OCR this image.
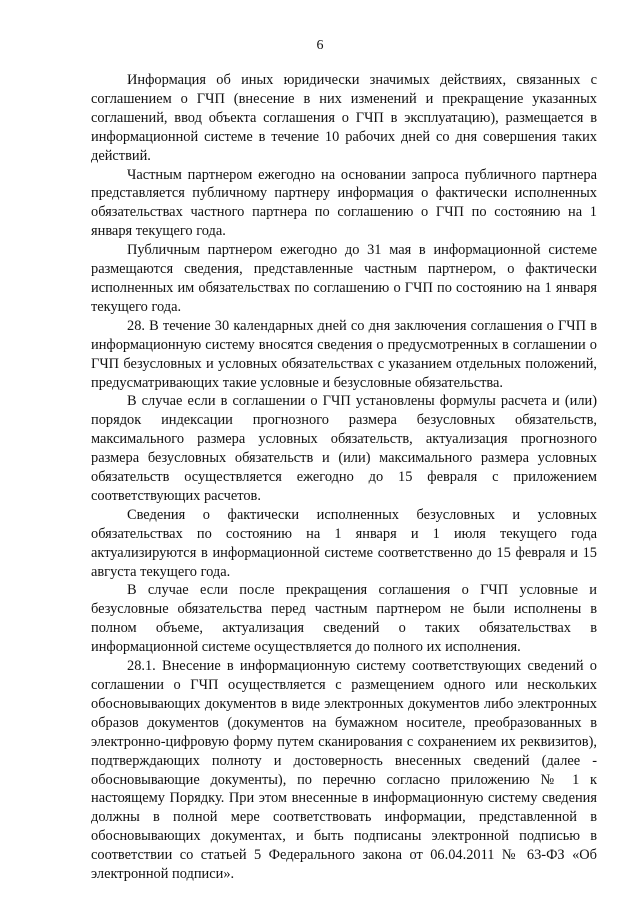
6

Информация об иных юридически значимых действиях, связанных с соглашением о ГЧП (внесение в них изменений и прекращение указанных соглашений, ввод объекта соглашения о ГЧП в эксплуатацию), размещается в информационной системе в течение 10 рабочих дней со дня совершения таких действий.

Частным партнером ежегодно на основании запроса публичного партнера представляется публичному партнеру информация о фактически исполненных обязательствах частного партнера по соглашению о ГЧП по состоянию на 1 января текущего года.

Публичным партнером ежегодно до 31 мая в информационной системе размещаются сведения, представленные частным партнером, о фактически исполненных им обязательствах по соглашению о ГЧП по состоянию на 1 января текущего года.

28. В течение 30 календарных дней со дня заключения соглашения о ГЧП в информационную систему вносятся сведения о предусмотренных в соглашении о ГЧП безусловных и условных обязательствах с указанием отдельных положений, предусматривающих такие условные и безусловные обязательства.

В случае если в соглашении о ГЧП установлены формулы расчета и (или) порядок индексации прогнозного размера безусловных обязательств, максимального размера условных обязательств, актуализация прогнозного размера безусловных обязательств и (или) максимального размера условных обязательств осуществляется ежегодно до 15 февраля с приложением соответствующих расчетов.

Сведения о фактически исполненных безусловных и условных обязательствах по состоянию на 1 января и 1 июля текущего года актуализируются в информационной системе соответственно до 15 февраля и 15 августа текущего года.

В случае если после прекращения соглашения о ГЧП условные и безусловные обязательства перед частным партнером не были исполнены в полном объеме, актуализация сведений о таких обязательствах в информационной системе осуществляется до полного их исполнения.

28.1. Внесение в информационную систему соответствующих сведений о соглашении о ГЧП осуществляется с размещением одного или нескольких обосновывающих документов в виде электронных документов либо электронных образов документов (документов на бумажном носителе, преобразованных в электронно-цифровую форму путем сканирования с сохранением их реквизитов), подтверждающих полноту и достоверность внесенных сведений (далее - обосновывающие документы), по перечню согласно приложению № 1 к настоящему Порядку. При этом внесенные в информационную систему сведения должны в полной мере соответствовать информации, представленной в обосновывающих документах, и быть подписаны электронной подписью в соответствии со статьей 5 Федерального закона от 06.04.2011 № 63-ФЗ «Об электронной подписи».
